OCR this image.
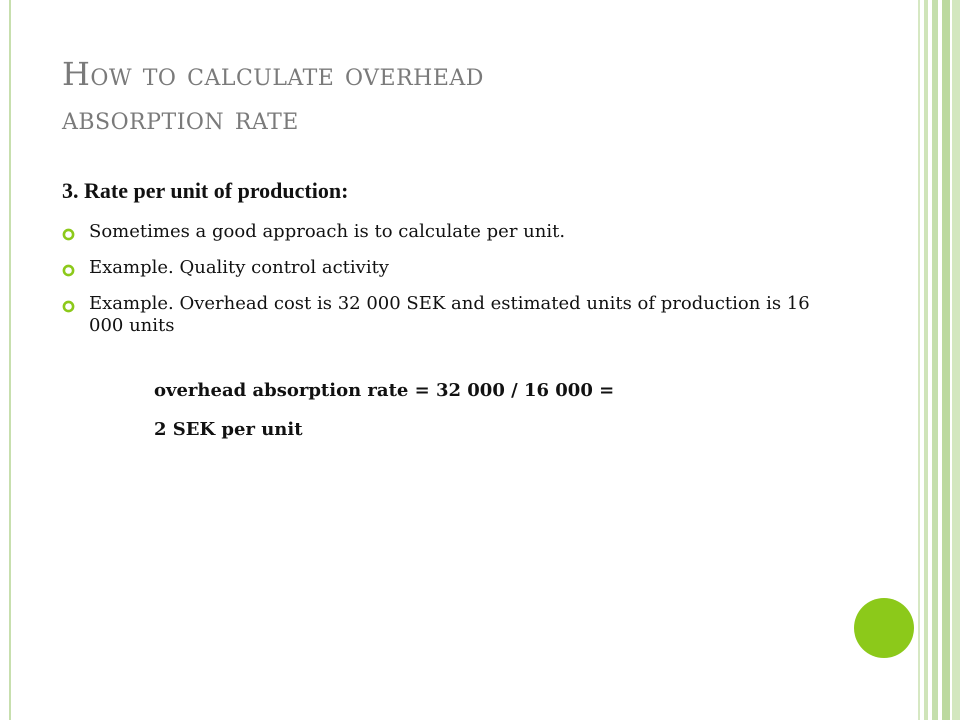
How to calculate overhead
absorption rate
3. Rate per unit of production:
Sometimes a good approach is to calculate per unit.
Example. Quality control activity
Example. Overhead cost is 32 000 SEK and estimated units of production is 16 000 units
overhead absorption rate = 32 000 / 16 000 =
2 SEK per unit
